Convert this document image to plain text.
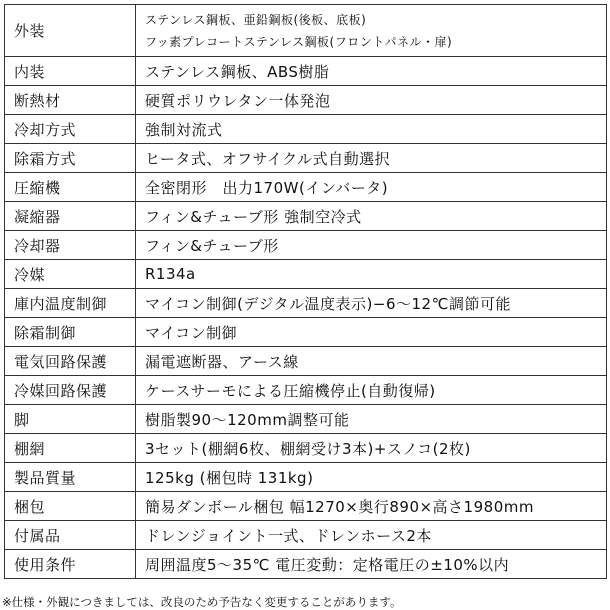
外装	ステンレス鋼板、亜鉛鋼板(後板、底板)
フッ素プレコートステンレス鋼板(フロントパネル・扉)

内装	ステンレス鋼板、ABS樹脂
断熱材	硬質ポリウレタン一体発泡
冷却方式	強制対流式
除霜方式	ヒータ式、オフサイクル式自動選択
圧縮機	全密閉形　出力170W(インバータ)
凝縮器	フィン&チューブ形 強制空冷式
冷却器	フィン&チューブ形
冷媒	R134a
庫内温度制御	マイコン制御(デジタル温度表示)−6〜12℃調節可能
除霜制御	マイコン制御
電気回路保護	漏電遮断器、アース線
冷媒回路保護	ケースサーモによる圧縮機停止(自動復帰)
脚	樹脂製90〜120mm調整可能
棚網	3セット(棚網6枚、棚網受け3本)+スノコ(2枚)
製品質量	125kg (梱包時 131kg)
梱包	簡易ダンボール梱包 幅1270×奥行890×高さ1980mm
付属品	ドレンジョイント一式、ドレンホース2本
使用条件	周囲温度5〜35℃ 電圧変動：定格電圧の±10%以内
※仕様・外観につきましては、改良のため予告なく変更することがあります。
